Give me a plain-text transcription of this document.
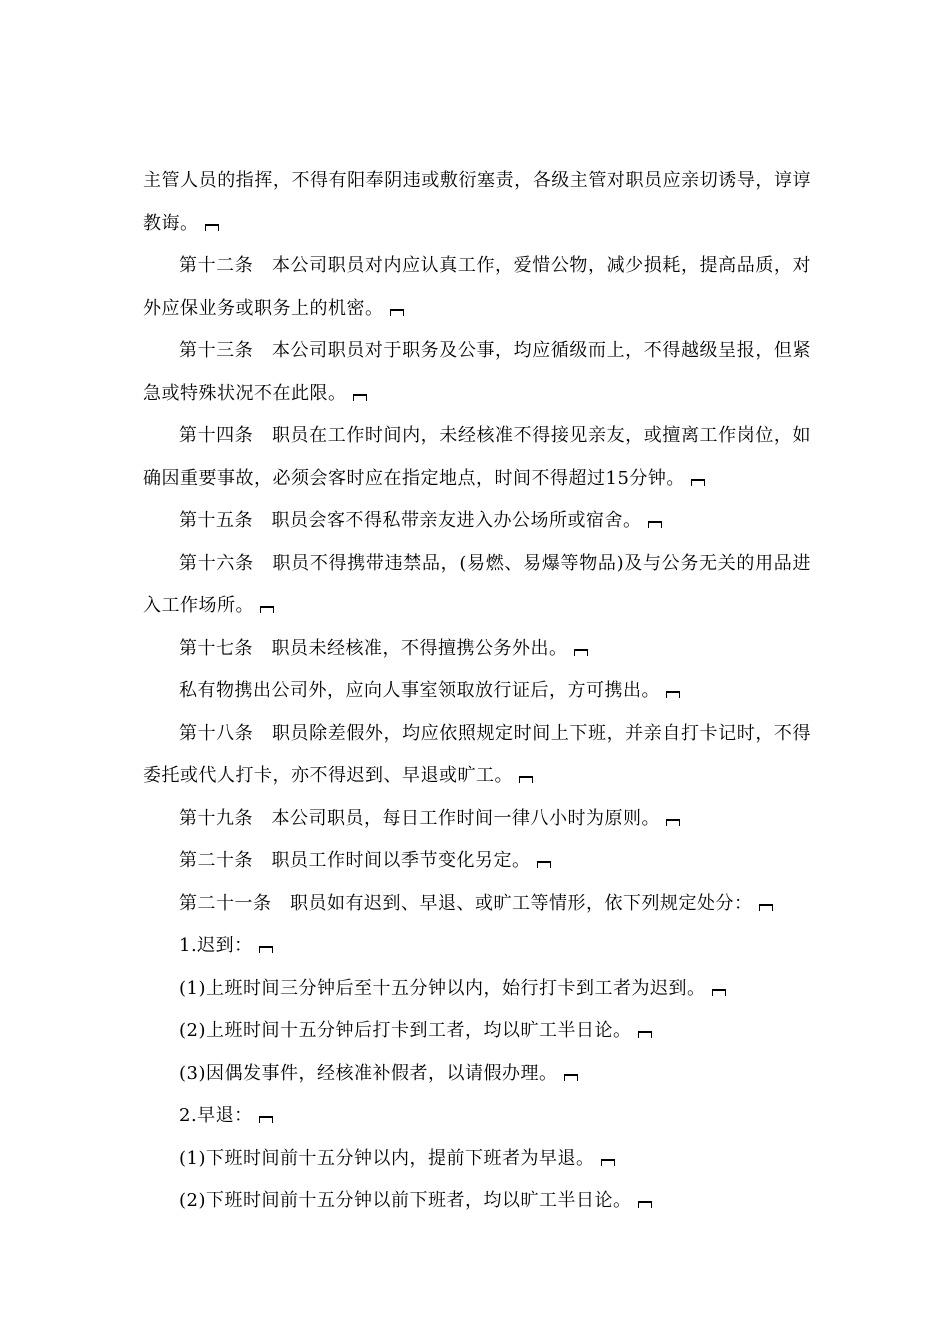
主管人员的指挥，不得有阳奉阴违或敷衍塞责，各级主管对职员应亲切诱导，谆谆教诲。

第十二条　本公司职员对内应认真工作，爱惜公物，减少损耗，提高品质，对外应保业务或职务上的机密。

第十三条　本公司职员对于职务及公事，均应循级而上，不得越级呈报，但紧急或特殊状况不在此限。

第十四条　职员在工作时间内，未经核准不得接见亲友，或擅离工作岗位，如确因重要事故，必须会客时应在指定地点，时间不得超过15分钟。

第十五条　职员会客不得私带亲友进入办公场所或宿舍。

第十六条　职员不得携带违禁品，(易燃、易爆等物品)及与公务无关的用品进入工作场所。

第十七条　职员未经核准，不得擅携公务外出。

私有物携出公司外，应向人事室领取放行证后，方可携出。

第十八条　职员除差假外，均应依照规定时间上下班，并亲自打卡记时，不得委托或代人打卡，亦不得迟到、早退或旷工。

第十九条　本公司职员，每日工作时间一律八小时为原则。

第二十条　职员工作时间以季节变化另定。

第二十一条　职员如有迟到、早退、或旷工等情形，依下列规定处分：

1.迟到：

(1)上班时间三分钟后至十五分钟以内，始行打卡到工者为迟到。

(2)上班时间十五分钟后打卡到工者，均以旷工半日论。

(3)因偶发事件，经核准补假者，以请假办理。

2.早退：

(1)下班时间前十五分钟以内，提前下班者为早退。

(2)下班时间前十五分钟以前下班者，均以旷工半日论。
